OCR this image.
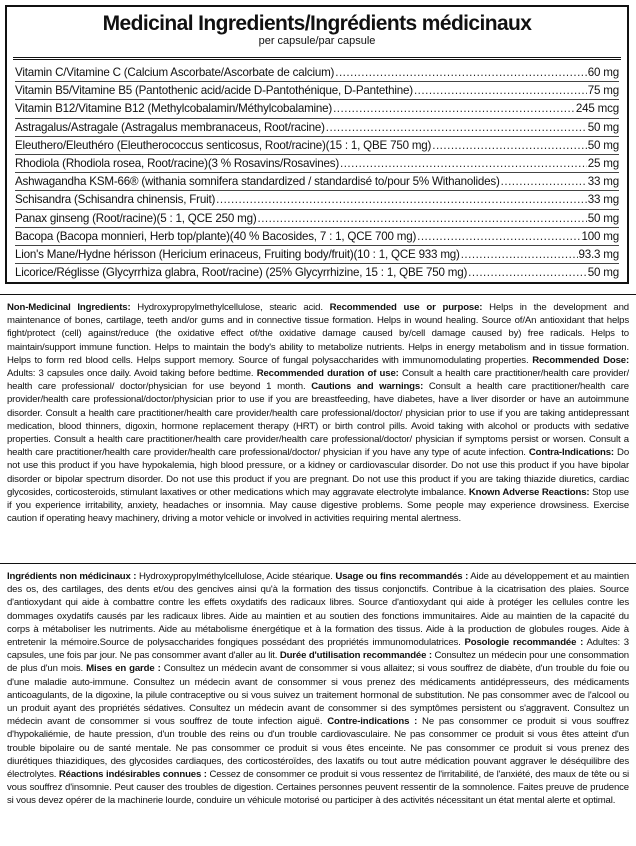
Medicinal Ingredients/Ingrédients médicinaux
per capsule/par capsule
Vitamin C/Vitamine C (Calcium Ascorbate/Ascorbate de calcium) .....	60 mg
Vitamin B5/Vitamine B5 (Pantothenic acid/acide D-Pantothénique, D-Pantethine) .....	75 mg
Vitamin B12/Vitamine B12 (Methylcobalamin/Méthylcobalamine) .....	245 mcg
Astragalus/Astragale (Astragalus membranaceus, Root/racine) .....	50 mg
Eleuthero/Eleuthéro (Eleutherococcus senticosus, Root/racine)(15 : 1, QBE 750 mg) .....	50 mg
Rhodiola (Rhodiola rosea, Root/racine)(3 % Rosavins/Rosavines) .....	25 mg
Ashwagandha KSM-66® (withania somnifera standardized / standardisé to/pour 5% Withanolides) .....	33 mg
Schisandra (Schisandra chinensis, Fruit) .....	33 mg
Panax ginseng (Root/racine)(5 : 1, QCE 250 mg) .....	50 mg
Bacopa (Bacopa monnieri, Herb top/plante)(40 % Bacosides, 7 : 1, QCE 700 mg) .....	100 mg
Lion's Mane/Hydne hérisson (Hericium erinaceus, Fruiting body/fruit)(10 : 1, QCE 933 mg) .....	93.3 mg
Licorice/Réglisse (Glycyrrhiza glabra, Root/racine) (25% Glycyrrhizine, 15 : 1, QBE 750 mg) .....	50 mg
Non-Medicinal Ingredients: Hydroxypropylmethylcellulose, stearic acid. Recommended use or purpose: Helps in the development and maintenance of bones, cartilage, teeth and/or gums and in connective tissue formation. Helps in wound healing. Source of/An antioxidant that helps fight/protect (cell) against/reduce (the oxidative effect of/the oxidative damage caused by/cell damage caused by) free radicals. Helps to maintain/support immune function. Helps to maintain the body's ability to metabolize nutrients. Helps in energy metabolism and in tissue formation. Helps to form red blood cells. Helps support memory. Source of fungal polysaccharides with immunomodulating properties. Recommended Dose: Adults: 3 capsules once daily. Avoid taking before bedtime. Recommended duration of use: Consult a health care practitioner/health care provider/ health care professional/ doctor/physician for use beyond 1 month. Cautions and warnings: Consult a health care practitioner/health care provider/health care professional/doctor/physician prior to use if you are breastfeeding, have diabetes, have a liver disorder or have an autoimmune disorder. Consult a health care practitioner/health care provider/health care professional/doctor/ physician prior to use if you are taking antidepressant medication, blood thinners, digoxin, hormone replacement therapy (HRT) or birth control pills. Avoid taking with alcohol or products with sedative properties. Consult a health care practitioner/health care provider/health care professional/doctor/ physician if symptoms persist or worsen. Consult a health care practitioner/health care provider/health care professional/doctor/ physician if you have any type of acute infection. Contra-Indications: Do not use this product if you have hypokalemia, high blood pressure, or a kidney or cardiovascular disorder. Do not use this product if you have bipolar disorder or bipolar spectrum disorder. Do not use this product if you are pregnant. Do not use this product if you are taking thiazide diuretics, cardiac glycosides, corticosteroids, stimulant laxatives or other medications which may aggravate electrolyte imbalance. Known Adverse Reactions: Stop use if you experience irritability, anxiety, headaches or insomnia. May cause digestive problems. Some people may experience drowsiness. Exercise caution if operating heavy machinery, driving a motor vehicle or involved in activities requiring mental alertness.
Ingrédients non médicinaux : Hydroxypropylméthylcellulose, Acide stéarique. Usage ou fins recommandés : Aide au développement et au maintien des os, des cartilages, des dents et/ou des gencives ainsi qu'à la formation des tissus conjonctifs. Contribue à la cicatrisation des plaies. Source d'antioxydant qui aide à combattre contre les effets oxydatifs des radicaux libres. Source d'antioxydant qui aide à protéger les cellules contre les dommages oxydatifs causés par les radicaux libres. Aide au maintien et au soutien des fonctions immunitaires. Aide au maintien de la capacité du corps à métaboliser les nutriments. Aide au métabolisme énergétique et à la formation des tissus. Aide à la production de globules rouges. Aide à entretenir la mémoire.Source de polysaccharides fongiques possédant des propriétés immunomodulatrices. Posologie recommandée : Adultes: 3 capsules, une fois par jour. Ne pas consommer avant d'aller au lit. Durée d'utilisation recommandée : Consultez un médecin pour une consommation de plus d'un mois. Mises en garde : Consultez un médecin avant de consommer si vous allaitez; si vous souffrez de diabète, d'un trouble du foie ou d'une maladie auto-immune. Consultez un médecin avant de consommer si vous prenez des médicaments antidépresseurs, des médicaments anticoagulants, de la digoxine, la pilule contraceptive ou si vous suivez un traitement hormonal de substitution. Ne pas consommer avec de l'alcool ou un produit ayant des propriétés sédatives. Consultez un médecin avant de consommer si des symptômes persistent ou s'aggravent. Consultez un médecin avant de consommer si vous souffrez de toute infection aiguë. Contre-indications : Ne pas consommer ce produit si vous souffrez d'hypokaliémie, de haute pression, d'un trouble des reins ou d'un trouble cardiovasculaire. Ne pas consommer ce produit si vous êtes atteint d'un trouble bipolaire ou de santé mentale. Ne pas consommer ce produit si vous êtes enceinte. Ne pas consommer ce produit si vous prenez des diurétiques thiazidiques, des glycosides cardiaques, des corticostéroïdes, des laxatifs ou tout autre médication pouvant aggraver le déséquilibre des électrolytes. Réactions indésirables connues : Cessez de consommer ce produit si vous ressentez de l'irritabilité, de l'anxiété, des maux de tête ou si vous souffrez d'insomnie. Peut causer des troubles de digestion. Certaines personnes peuvent ressentir de la somnolence. Faites preuve de prudence si vous devez opérer de la machinerie lourde, conduire un véhicule motorisé ou participer à des activités nécessitant un état mental alerte et optimal.
